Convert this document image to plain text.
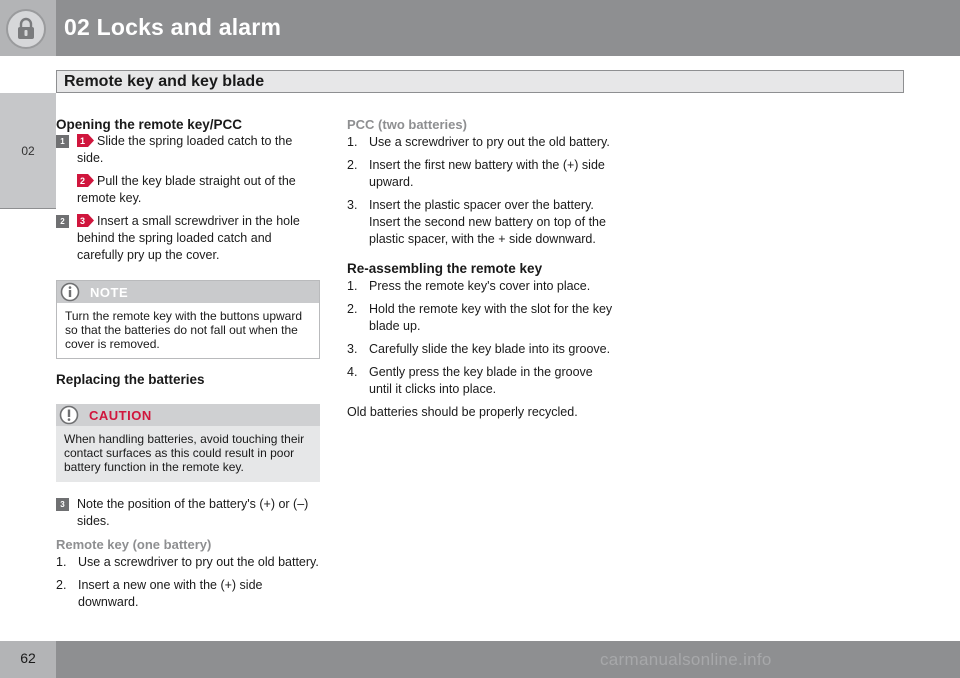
02 Locks and alarm
Remote key and key blade
02
Opening the remote key/PCC
1	1 Slide the spring loaded catch to the side.
2 Pull the key blade straight out of the remote key.
2	3 Insert a small screwdriver in the hole behind the spring loaded catch and carefully pry up the cover.
NOTE
Turn the remote key with the buttons upward so that the batteries do not fall out when the cover is removed.
Replacing the batteries
CAUTION
When handling batteries, avoid touching their contact surfaces as this could result in poor battery function in the remote key.
3 Note the position of the battery's (+) or (–) sides.
Remote key (one battery)
1. Use a screwdriver to pry out the old battery.
2. Insert a new one with the (+) side downward.
PCC (two batteries)
1. Use a screwdriver to pry out the old battery.
2. Insert the first new battery with the (+) side upward.
3. Insert the plastic spacer over the battery. Insert the second new battery on top of the plastic spacer, with the + side downward.
Re-assembling the remote key
1. Press the remote key's cover into place.
2. Hold the remote key with the slot for the key blade up.
3. Carefully slide the key blade into its groove.
4. Gently press the key blade in the groove until it clicks into place.

Old batteries should be properly recycled.

62	carmanualsonline.info
